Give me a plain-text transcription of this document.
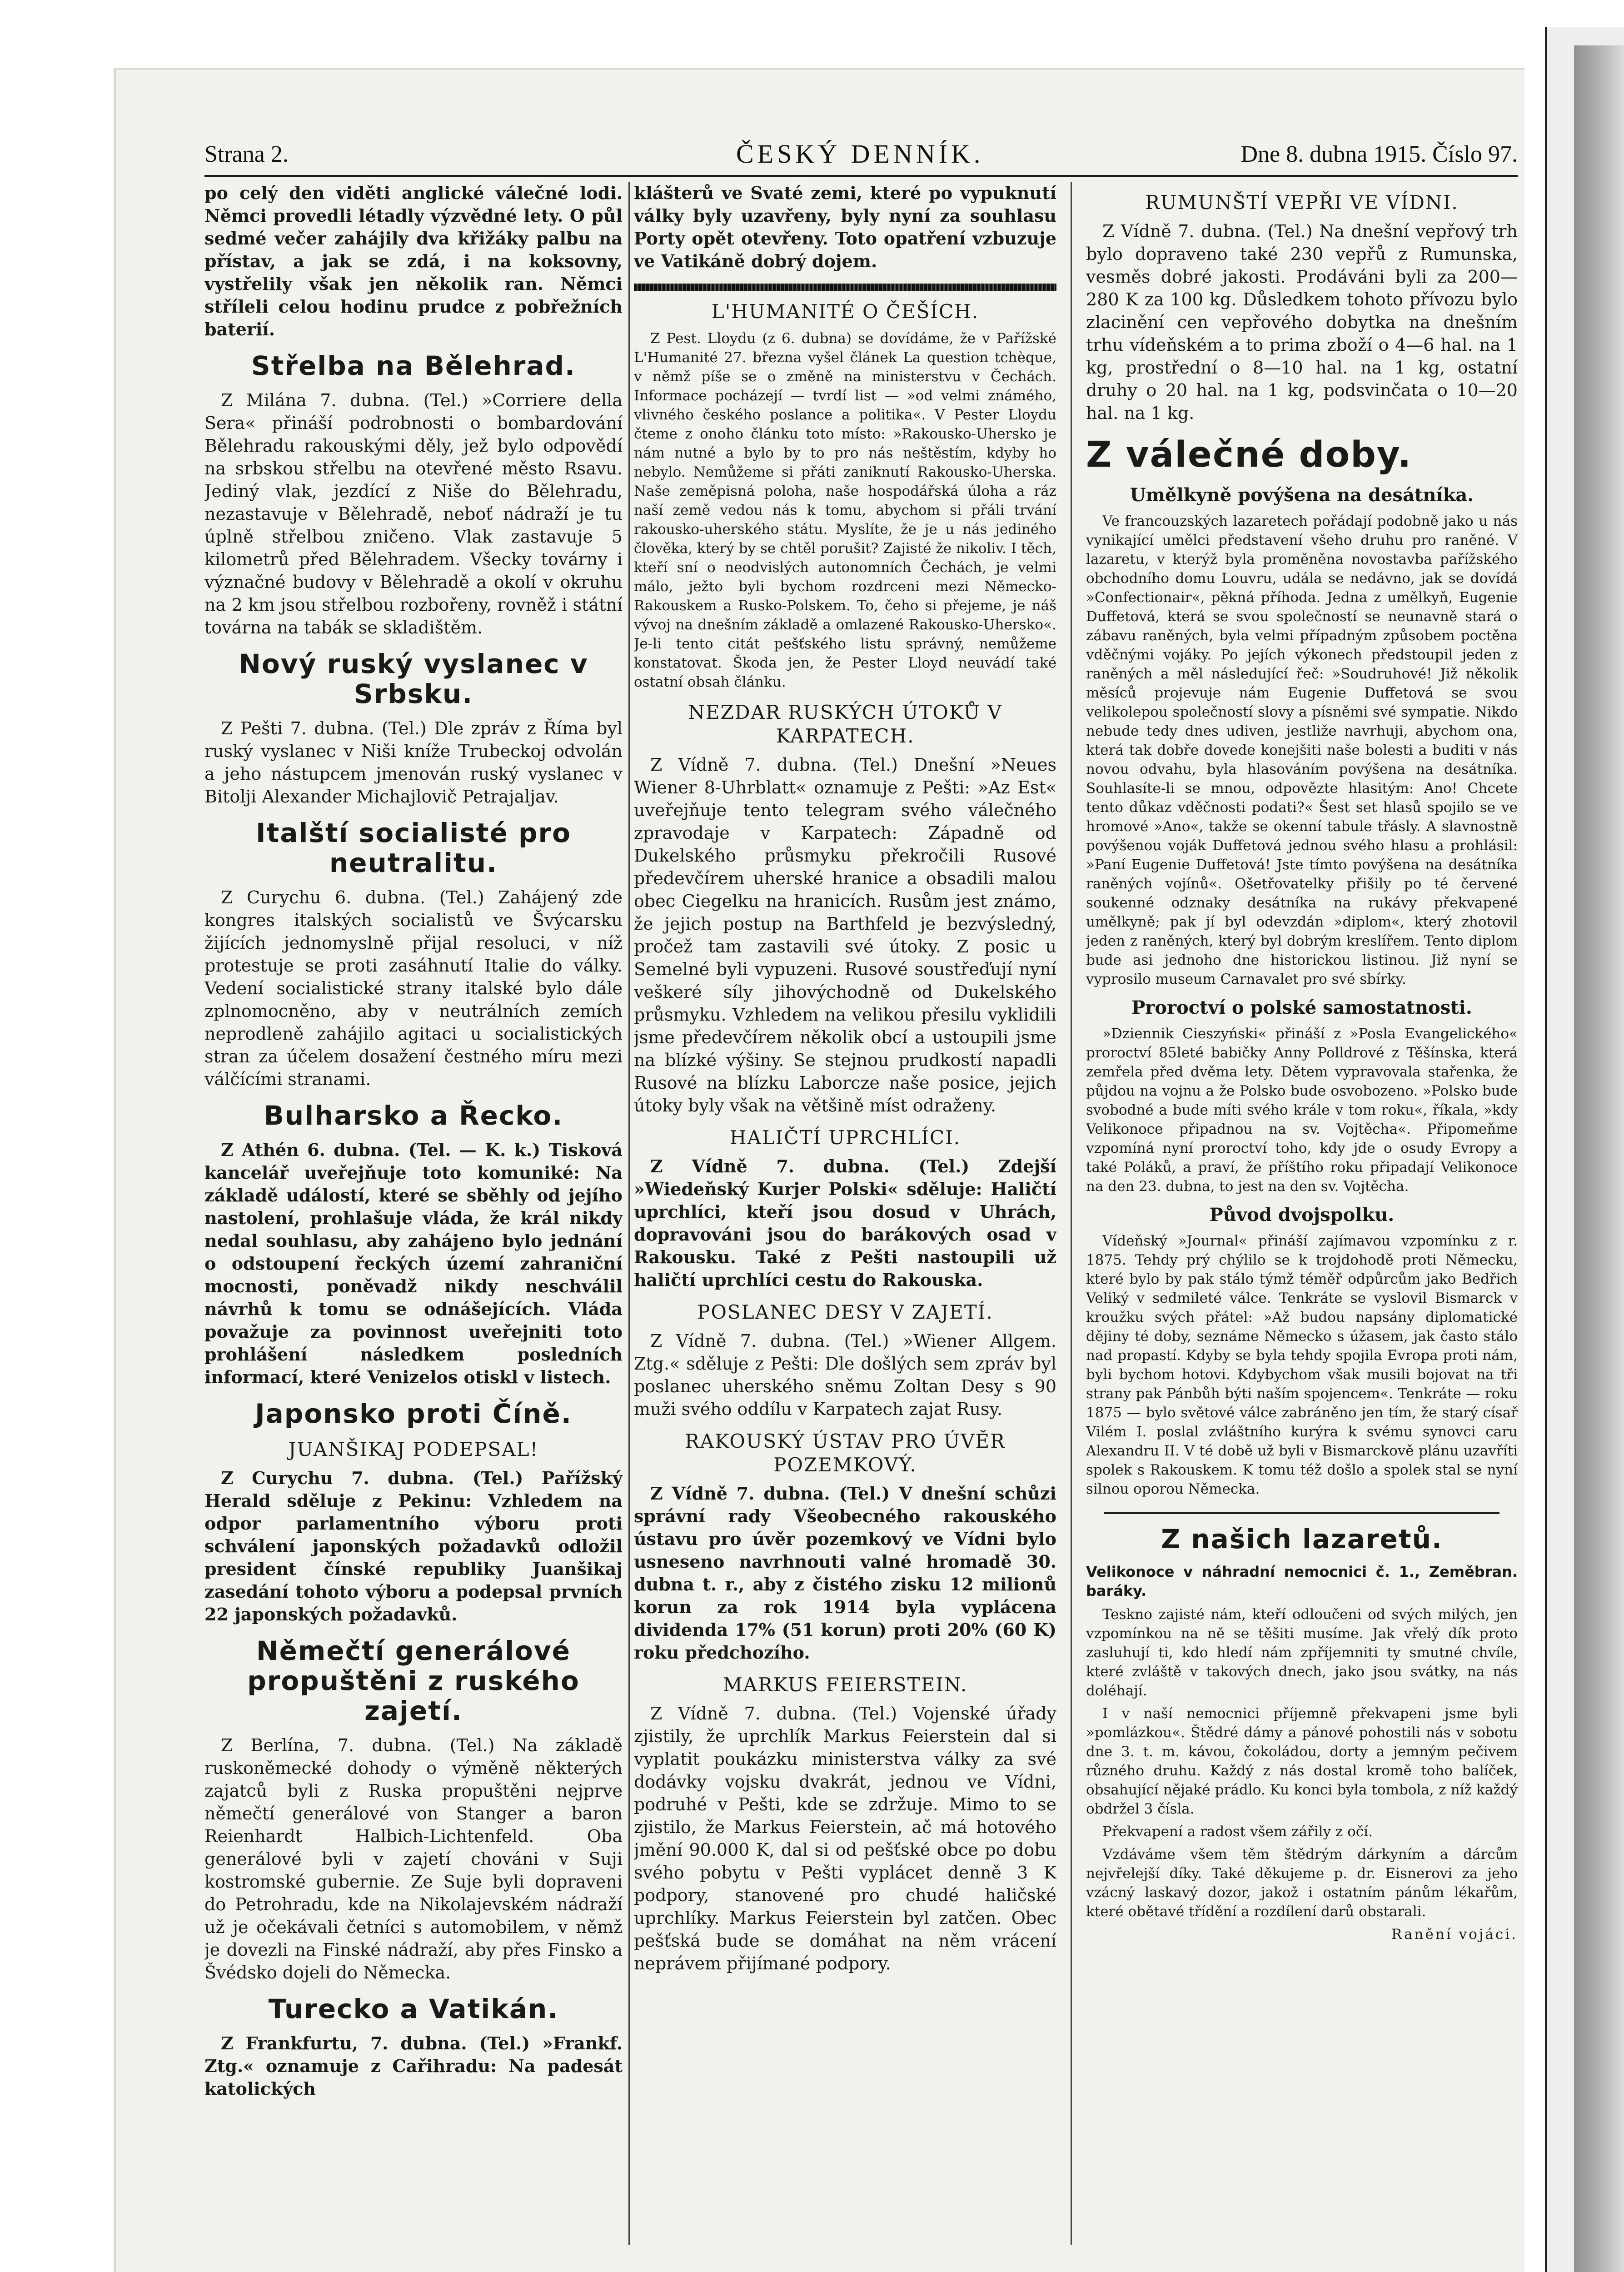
Strana 2.	ČESKÝ DENNÍK.	Dne 8. dubna 1915. Číslo 97.

po celý den viděti anglické válečné lodi. Němci provedli létadly výzvědné lety. O půl sedmé večer zahájily dva křižáky palbu na přístav, a jak se zdá, i na koksovny, vystřelily však jen několik ran. Němci stříleli celou hodinu prudce z pobřežních baterií.

Střelba na Bělehrad.

Z Milána 7. dubna. (Tel.) »Corriere della Sera« přináší podrobnosti o bombardování Bělehradu rakouskými děly, jež bylo odpovědí na srbskou střelbu na otevřené město Rsavu. Jediný vlak, jezdící z Niše do Bělehradu, nezastavuje v Bělehradě, neboť nádraží je tu úplně střelbou zničeno. Vlak zastavuje 5 kilometrů před Bělehradem. Všecky továrny i význačné budovy v Bělehradě a okolí v okruhu na 2 km jsou střelbou rozbořeny, rovněž i státní továrna na tabák se skladištěm.

Nový ruský vyslanec v Srbsku.

Z Pešti 7. dubna. (Tel.) Dle zpráv z Říma byl ruský vyslanec v Niši kníže Trubeckoj odvolán a jeho nástupcem jmenován ruský vyslanec v Bitolji Alexander Michajlovič Petrajaljav.

Italští socialisté pro neutralitu.

Z Curychu 6. dubna. (Tel.) Zahájený zde kongres italských socialistů ve Švýcarsku žijících jednomyslně přijal resoluci, v níž protestuje se proti zasáhnutí Italie do války. Vedení socialistické strany italské bylo dále zplnomocněno, aby v neutrálních zemích neprodleně zahájilo agitaci u socialistických stran za účelem dosažení čestného míru mezi válčícími stranami.

Bulharsko a Řecko.

Z Athén 6. dubna. (Tel. — K. k.) Tisková kancelář uveřejňuje toto komuniké: Na základě událostí, které se sběhly od jejího nastolení, prohlašuje vláda, že král nikdy nedal souhlasu, aby zahájeno bylo jednání o odstoupení řeckých území zahraniční mocnosti, poněvadž nikdy neschválil návrhů k tomu se odnášejících. Vláda považuje za povinnost uveřejniti toto prohlášení následkem posledních informací, které Venizelos otiskl v listech.

Japonsko proti Číně.
JUANŠIKAJ PODEPSAL!

Z Curychu 7. dubna. (Tel.) Pařížský Herald sděluje z Pekinu: Vzhledem na odpor parlamentního výboru proti schválení japonských požadavků odložil president čínské republiky Juanšikaj zasedání tohoto výboru a podepsal prvních 22 japonských požadavků.

Němečtí generálové propuštěni z ruského zajetí.

Z Berlína, 7. dubna. (Tel.) Na základě ruskoněmecké dohody o výměně některých zajatců byli z Ruska propuštěni nejprve němečtí generálové von Stanger a baron Reienhardt Halbich-Lichtenfeld. Oba generálové byli v zajetí chováni v Suji kostromské gubernie. Ze Suje byli dopraveni do Petrohradu, kde na Nikolajevském nádraží už je očekávali četníci s automobilem, v němž je dovezli na Finské nádraží, aby přes Finsko a Švédsko dojeli do Německa.

Turecko a Vatikán.

Z Frankfurtu, 7. dubna. (Tel.) »Frankf. Ztg.« oznamuje z Cařihradu: Na padesát katolických

klášterů ve Svaté zemi, které po vypuknutí války byly uzavřeny, byly nyní za souhlasu Porty opět otevřeny. Toto opatření vzbuzuje ve Vatikáně dobrý dojem.

L'HUMANITÉ O ČEŠÍCH.

Z Pest. Lloydu (z 6. dubna) se dovídáme, že v Pařížské L'Humanité 27. března vyšel článek La question tchèque, v němž píše se o změně na ministerstvu v Čechách. Informace pocházejí — tvrdí list — »od velmi známého, vlivného českého poslance a politika«. V Pester Lloydu čteme z onoho článku toto místo: »Rakousko-Uhersko je nám nutné a bylo by to pro nás neštěstím, kdyby ho nebylo. Nemůžeme si přáti zaniknutí Rakousko-Uherska. Naše zeměpisná poloha, naše hospodářská úloha a ráz naší země vedou nás k tomu, abychom si přáli trvání rakousko-uherského státu. Myslíte, že je u nás jediného člověka, který by se chtěl porušit? Zajisté že nikoliv. I těch, kteří sní o neodvislých autonomních Čechách, je velmi málo, ježto byli bychom rozdrceni mezi Německo-Rakouskem a Rusko-Polskem. To, čeho si přejeme, je náš vývoj na dnešním základě a omlazené Rakousko-Uhersko«. Je-li tento citát pešťského listu správný, nemůžeme konstatovat. Škoda jen, že Pester Lloyd neuvádí také ostatní obsah článku.

NEZDAR RUSKÝCH ÚTOKŮ V KARPATECH.

Z Vídně 7. dubna. (Tel.) Dnešní »Neues Wiener 8-Uhrblatt« oznamuje z Pešti: »Az Est« uveřejňuje tento telegram svého válečného zpravodaje v Karpatech: Západně od Dukelského průsmyku překročili Rusové předevčírem uherské hranice a obsadili malou obec Ciegelku na hranicích. Rusům jest známo, že jejich postup na Barthfeld je bezvýsledný, pročež tam zastavili své útoky. Z posic u Semelné byli vypuzeni. Rusové soustřeďují nyní veškeré síly jihovýchodně od Dukelského průsmyku. Vzhledem na velikou přesilu vyklidili jsme předevčírem několik obcí a ustoupili jsme na blízké výšiny. Se stejnou prudkostí napadli Rusové na blízku Laborcze naše posice, jejich útoky byly však na většině míst odraženy.

HALIČTÍ UPRCHLÍCI.

Z Vídně 7. dubna. (Tel.) Zdejší »Wiedeňský Kurjer Polski« sděluje: Haličtí uprchlíci, kteří jsou dosud v Uhrách, dopravováni jsou do barákových osad v Rakousku. Také z Pešti nastoupili už haličtí uprchlíci cestu do Rakouska.

POSLANEC DESY V ZAJETÍ.

Z Vídně 7. dubna. (Tel.) »Wiener Allgem. Ztg.« sděluje z Pešti: Dle došlých sem zpráv byl poslanec uherského sněmu Zoltan Desy s 90 muži svého oddílu v Karpatech zajat Rusy.

RAKOUSKÝ ÚSTAV PRO ÚVĚR POZEMKOVÝ.

Z Vídně 7. dubna. (Tel.) V dnešní schůzi správní rady Všeobecného rakouského ústavu pro úvěr pozemkový ve Vídni bylo usneseno navrhnouti valné hromadě 30. dubna t. r., aby z čistého zisku 12 milionů korun za rok 1914 byla vyplácena dividenda 17% (51 korun) proti 20% (60 K) roku předchozího.

MARKUS FEIERSTEIN.

Z Vídně 7. dubna. (Tel.) Vojenské úřady zjistily, že uprchlík Markus Feierstein dal si vyplatit poukázku ministerstva války za své dodávky vojsku dvakrát, jednou ve Vídni, podruhé v Pešti, kde se zdržuje. Mimo to se zjistilo, že Markus Feierstein, ač má hotového jmění 90.000 K, dal si od pešťské obce po dobu svého pobytu v Pešti vyplácet denně 3 K podpory, stanovené pro chudé haličské uprchlíky. Markus Feierstein byl zatčen. Obec pešťská bude se domáhat na něm vrácení neprávem přijímané podpory.

RUMUNŠTÍ VEPŘI VE VÍDNI.

Z Vídně 7. dubna. (Tel.) Na dnešní vepřový trh bylo dopraveno také 230 vepřů z Rumunska, vesměs dobré jakosti. Prodáváni byli za 200—280 K za 100 kg. Důsledkem tohoto přívozu bylo zlacinění cen vepřového dobytka na dnešním trhu vídeňském a to prima zboží o 4—6 hal. na 1 kg, prostřední o 8—10 hal. na 1 kg, ostatní druhy o 20 hal. na 1 kg, podsvinčata o 10—20 hal. na 1 kg.

Z válečné doby.
Umělkyně povýšena na desátníka.

Ve francouzských lazaretech pořádají podobně jako u nás vynikající umělci představení všeho druhu pro raněné. V lazaretu, v kterýž byla proměněna novostavba pařížského obchodního domu Louvru, udála se nedávno, jak se dovídá »Confectionair«, pěkná příhoda. Jedna z umělkyň, Eugenie Duffetová, která se svou společností se neunavně stará o zábavu raněných, byla velmi případným způsobem poctěna vděčnými vojáky. Po jejích výkonech předstoupil jeden z raněných a měl následující řeč: »Soudruhové! Již několik měsíců projevuje nám Eugenie Duffetová se svou velikolepou společností slovy a písněmi své sympatie. Nikdo nebude tedy dnes udiven, jestliže navrhuji, abychom ona, která tak dobře dovede konejšiti naše bolesti a buditi v nás novou odvahu, byla hlasováním povýšena na desátníka. Souhlasíte-li se mnou, odpovězte hlasitým: Ano! Chcete tento důkaz vděčnosti podati?« Šest set hlasů spojilo se ve hromové »Ano«, takže se okenní tabule třásly. A slavnostně povýšenou voják Duffetová jednou svého hlasu a prohlásil: »Paní Eugenie Duffetová! Jste tímto povýšena na desátníka raněných vojínů«. Ošetřovatelky přišily po té červené soukenné odznaky desátníka na rukávy překvapené umělkyně; pak jí byl odevzdán »diplom«, který zhotovil jeden z raněných, který byl dobrým kreslířem. Tento diplom bude asi jednoho dne historickou listinou. Již nyní se vyprosilo museum Carnavalet pro své sbírky.

Proroctví o polské samostatnosti.

»Dziennik Cieszyński« přináší z »Posla Evangelického« proroctví 85leté babičky Anny Polldrové z Těšínska, která zemřela před dvěma lety. Dětem vypravovala stařenka, že půjdou na vojnu a že Polsko bude osvobozeno. »Polsko bude svobodné a bude míti svého krále v tom roku«, říkala, »kdy Velikonoce připadnou na sv. Vojtěcha«. Připomeňme vzpomíná nyní proroctví toho, kdy jde o osudy Evropy a také Poláků, a praví, že příštího roku připadají Velikonoce na den 23. dubna, to jest na den sv. Vojtěcha.

Původ dvojspolku.

Vídeňský »Journal« přináší zajímavou vzpomínku z r. 1875. Tehdy prý chýlilo se k trojdohodě proti Německu, které bylo by pak stálo týmž téměř odpůrcům jako Bedřich Veliký v sedmileté válce. Tenkráte se vyslovil Bismarck v kroužku svých přátel: »Až budou napsány diplomatické dějiny té doby, seznáme Německo s úžasem, jak často stálo nad propastí. Kdyby se byla tehdy spojila Evropa proti nám, byli bychom hotovi. Kdybychom však musili bojovat na tři strany pak Pánbůh býti naším spojencem«. Tenkráte — roku 1875 — bylo světové válce zabráněno jen tím, že starý císař Vilém I. poslal zvláštního kurýra k svému synovci caru Alexandru II. V té době už byli v Bismarckově plánu uzavříti spolek s Rakouskem. K tomu též došlo a spolek stal se nyní silnou oporou Německa.

Z našich lazaretů.
Velikonoce v náhradní nemocnici č. 1., Zeměbran. baráky.

Tesknо zajisté nám, kteří odloučeni od svých milých, jen vzpomínkou na ně se těšiti musíme. Jak vřelý dík proto zasluhují ti, kdo hledí nám zpříjemniti ty smutné chvíle, které zvláště v takových dnech, jako jsou svátky, na nás doléhají.

I v naší nemocnici příjemně překvapeni jsme byli »pomlázkou«. Štědré dámy a pánové pohostili nás v sobotu dne 3. t. m. kávou, čokoládou, dorty a jemným pečivem různého druhu. Každý z nás dostal kromě toho balíček, obsahující nějaké prádlo. Ku konci byla tombola, z níž každý obdržel 3 čísla.

Překvapení a radost všem zářily z očí.

Vzdáváme všem těm štědrým dárkyním a dárcům nejvřelejší díky. Také děkujeme p. dr. Eisnerovi za jeho vzácný laskavý dozor, jakož i ostatním pánům lékařům, které obětavé třídění a rozdílení darů obstarali.

Ranění vojáci.
